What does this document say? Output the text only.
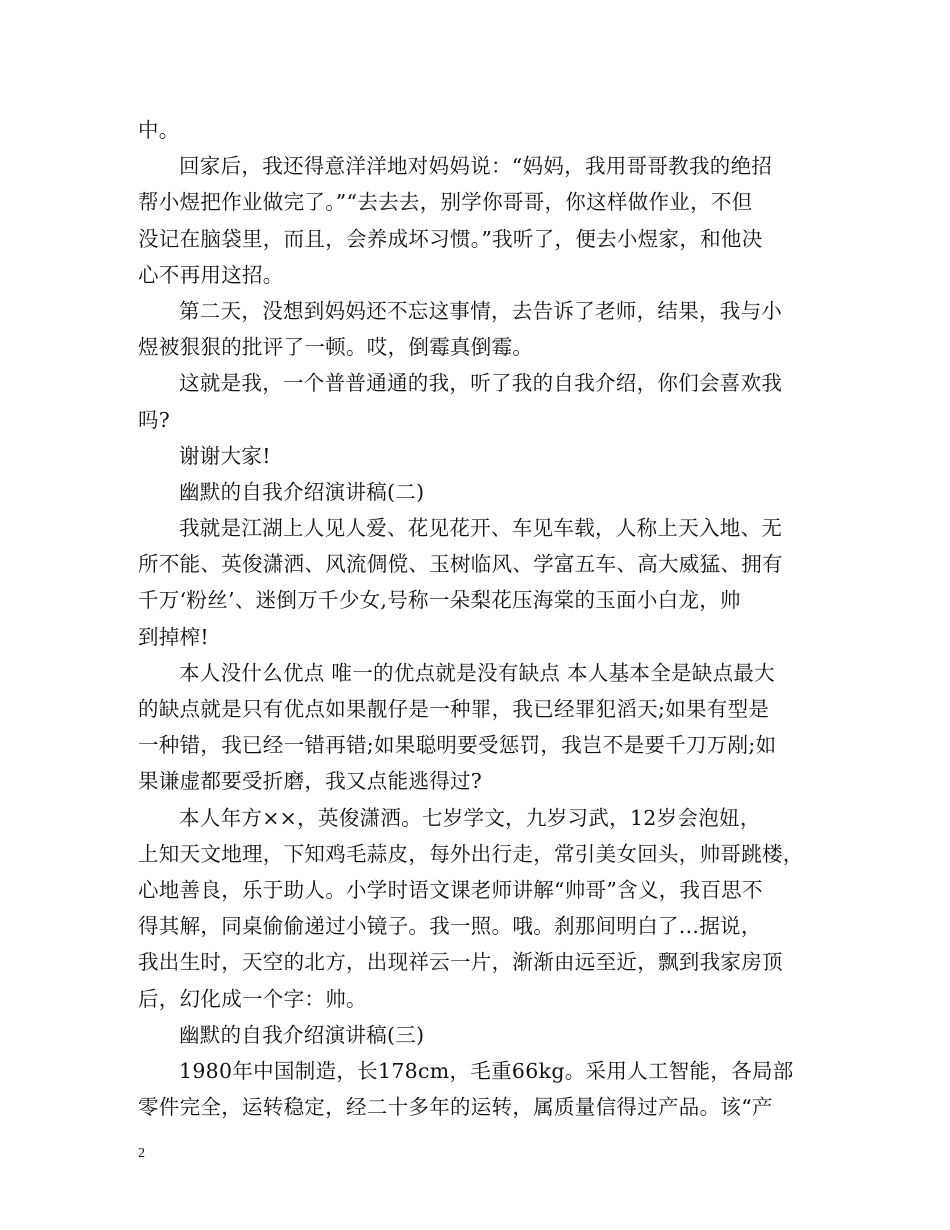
中。
回家后，我还得意洋洋地对妈妈说：“妈妈，我用哥哥教我的绝招
帮小煜把作业做完了。”“去去去，别学你哥哥，你这样做作业，不但
没记在脑袋里，而且，会养成坏习惯。”我听了，便去小煜家，和他决
心不再用这招。
第二天，没想到妈妈还不忘这事情，去告诉了老师，结果，我与小
煜被狠狠的批评了一顿。哎，倒霉真倒霉。
这就是我，一个普普通通的我，听了我的自我介绍，你们会喜欢我
吗?
谢谢大家!
幽默的自我介绍演讲稿(二)
我就是江湖上人见人爱、花见花开、车见车载，人称上天入地、无
所不能、英俊潇洒、风流倜傥、玉树临风、学富五车、高大威猛、拥有
千万‘粉丝’、迷倒万千少女,号称一朵梨花压海棠的玉面小白龙，帅
到掉榨!
本人没什么优点 唯一的优点就是没有缺点 本人基本全是缺点最大
的缺点就是只有优点如果靓仔是一种罪，我已经罪犯滔天;如果有型是
一种错，我已经一错再错;如果聪明要受惩罚，我岂不是要千刀万剐;如
果谦虚都要受折磨，我又点能逃得过?
本人年方××，英俊潇洒。七岁学文，九岁习武，12岁会泡妞，
上知天文地理，下知鸡毛蒜皮，每外出行走，常引美女回头，帅哥跳楼，
心地善良，乐于助人。小学时语文课老师讲解“帅哥”含义，我百思不
得其解，同桌偷偷递过小镜子。我一照。哦。刹那间明白了...据说，
我出生时，天空的北方，出现祥云一片，渐渐由远至近，飘到我家房顶
后，幻化成一个字：帅。
幽默的自我介绍演讲稿(三)
1980年中国制造，长178cm，毛重66kg。采用人工智能，各局部
零件完全，运转稳定，经二十多年的运转，属质量信得过产品。该“产
2
